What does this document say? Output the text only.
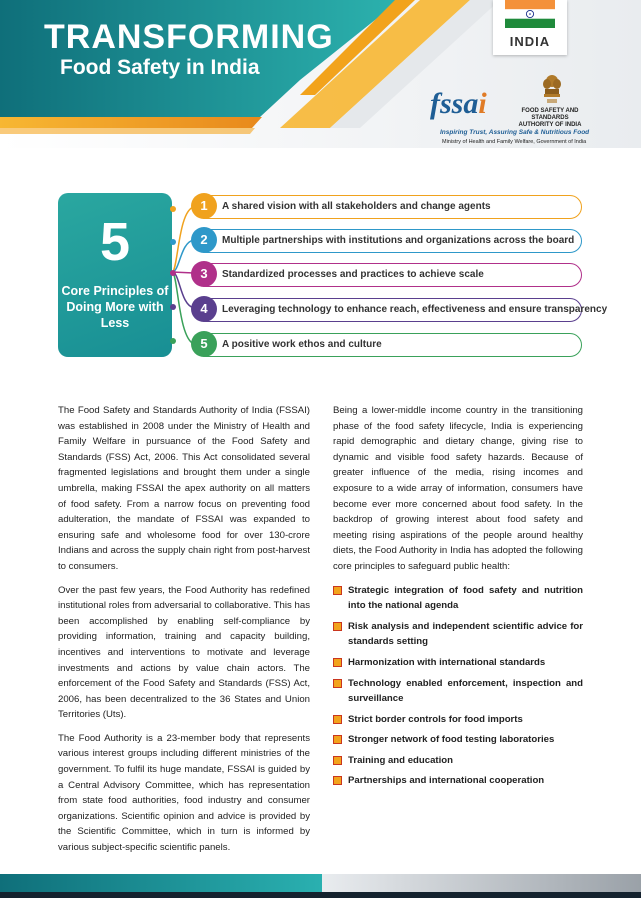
TRANSFORMING
Food Safety in India
INDIA
fssai	FOOD SAFETY AND STANDARDS
AUTHORITY OF INDIA
Inspiring Trust, Assuring Safe & Nutritious Food
Ministry of Health and Family Welfare, Government of India
5
Core Principles of Doing More with Less
1	A shared vision with all stakeholders and change agents
2	Multiple partnerships with institutions and organizations across the board
3	Standardized processes and practices to achieve scale
4	Leveraging technology to enhance reach, effectiveness and ensure transparency
5	A positive work ethos and culture

The Food Safety and Standards Authority of India (FSSAI) was established in 2008 under the Ministry of Health and Family Welfare in pursuance of the Food Safety and Standards (FSS) Act, 2006. This Act consolidated several fragmented legislations and brought them under a single umbrella, making FSSAI the apex authority on all matters of food safety. From a narrow focus on preventing food adulteration, the mandate of FSSAI was expanded to ensuring safe and wholesome food for over 130-crore Indians and across the supply chain right from post-harvest to consumers.

Over the past few years, the Food Authority has redefined institutional roles from adversarial to collaborative. This has been accomplished by enabling self-compliance by providing information, training and capacity building, incentives and interventions to motivate and leverage investments and actions by value chain actors. The enforcement of the Food Safety and Standards (FSS) Act, 2006, has been decentralized to the 36 States and Union Territories (Uts).

The Food Authority is a 23-member body that represents various interest groups including different ministries of the government. To fulfil its huge mandate, FSSAI is guided by a Central Advisory Committee, which has representation from state food authorities, food industry and consumer organizations. Scientific opinion and advice is provided by the Scientific Committee, which in turn is informed by various subject-specific scientific panels.

Being a lower-middle income country in the transitioning phase of the food safety lifecycle, India is experiencing rapid demographic and dietary change, giving rise to dynamic and visible food safety hazards. Because of greater influence of the media, rising incomes and exposure to a wide array of information, consumers have become ever more concerned about food safety. In the backdrop of growing interest about food safety and meeting rising aspirations of the people around healthy diets, the Food Authority in India has adopted the following core principles to safeguard public health:

Strategic integration of food safety and nutrition into the national agenda
Risk analysis and independent scientific advice for standards setting
Harmonization with international standards
Technology enabled enforcement, inspection and surveillance
Strict border controls for food imports
Stronger network of food testing laboratories
Training and education
Partnerships and international cooperation
